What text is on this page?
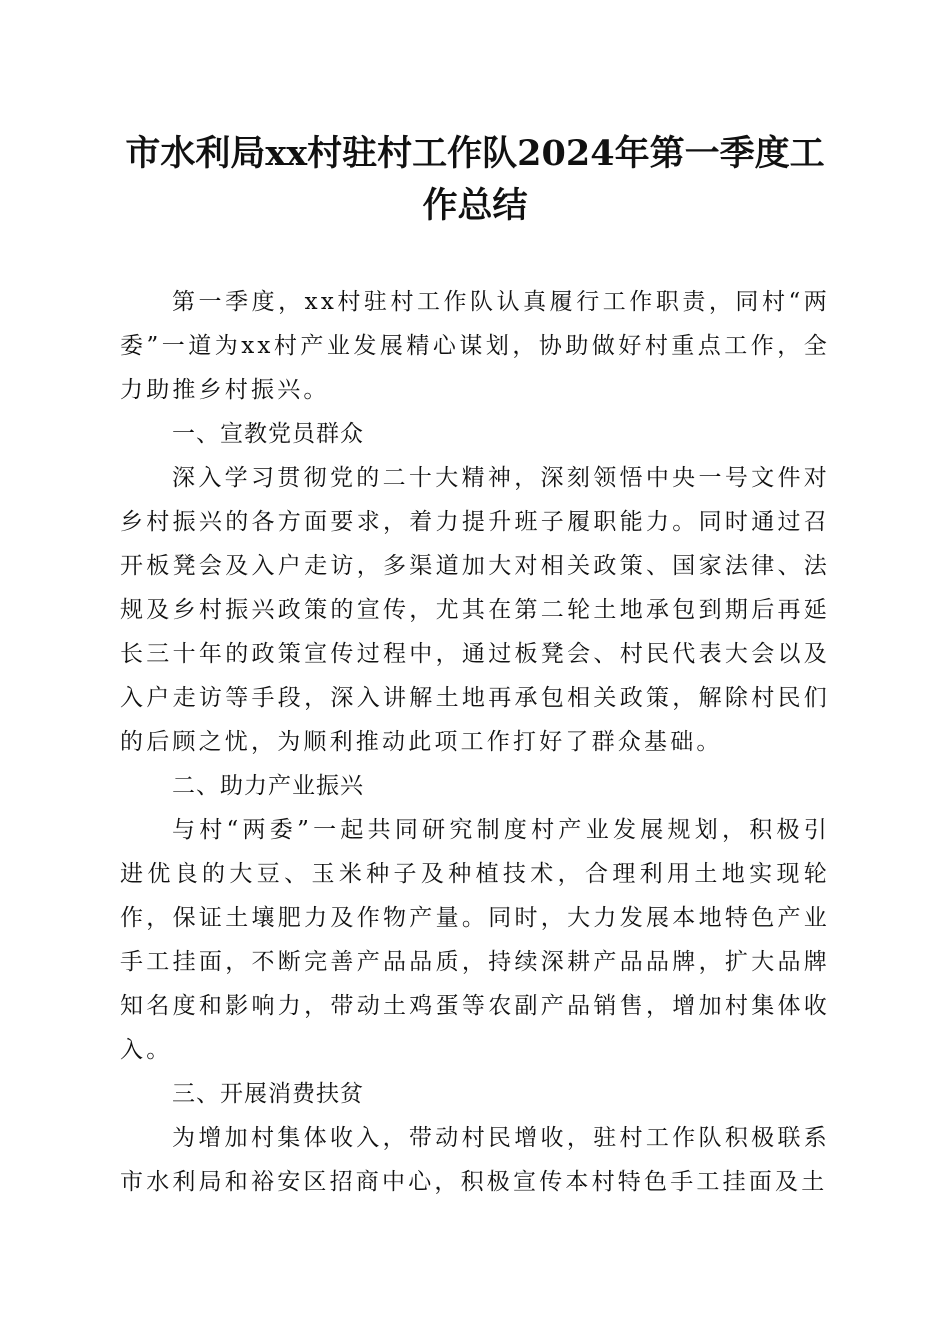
市水利局xx村驻村工作队2024年第一季度工
作总结

第一季度，xx村驻村工作队认真履行工作职责，同村“两委”一道为xx村产业发展精心谋划，协助做好村重点工作，全力助推乡村振兴。

一、宣教党员群众

深入学习贯彻党的二十大精神，深刻领悟中央一号文件对乡村振兴的各方面要求，着力提升班子履职能力。同时通过召开板凳会及入户走访，多渠道加大对相关政策、国家法律、法规及乡村振兴政策的宣传，尤其在第二轮土地承包到期后再延长三十年的政策宣传过程中，通过板凳会、村民代表大会以及入户走访等手段，深入讲解土地再承包相关政策，解除村民们的后顾之忧，为顺利推动此项工作打好了群众基础。

二、助力产业振兴

与村“两委”一起共同研究制度村产业发展规划，积极引进优良的大豆、玉米种子及种植技术，合理利用土地实现轮作，保证土壤肥力及作物产量。同时，大力发展本地特色产业手工挂面，不断完善产品品质，持续深耕产品品牌，扩大品牌知名度和影响力，带动土鸡蛋等农副产品销售，增加村集体收入。

三、开展消费扶贫

为增加村集体收入，带动村民增收，驻村工作队积极联系市水利局和裕安区招商中心，积极宣传本村特色手工挂面及土
